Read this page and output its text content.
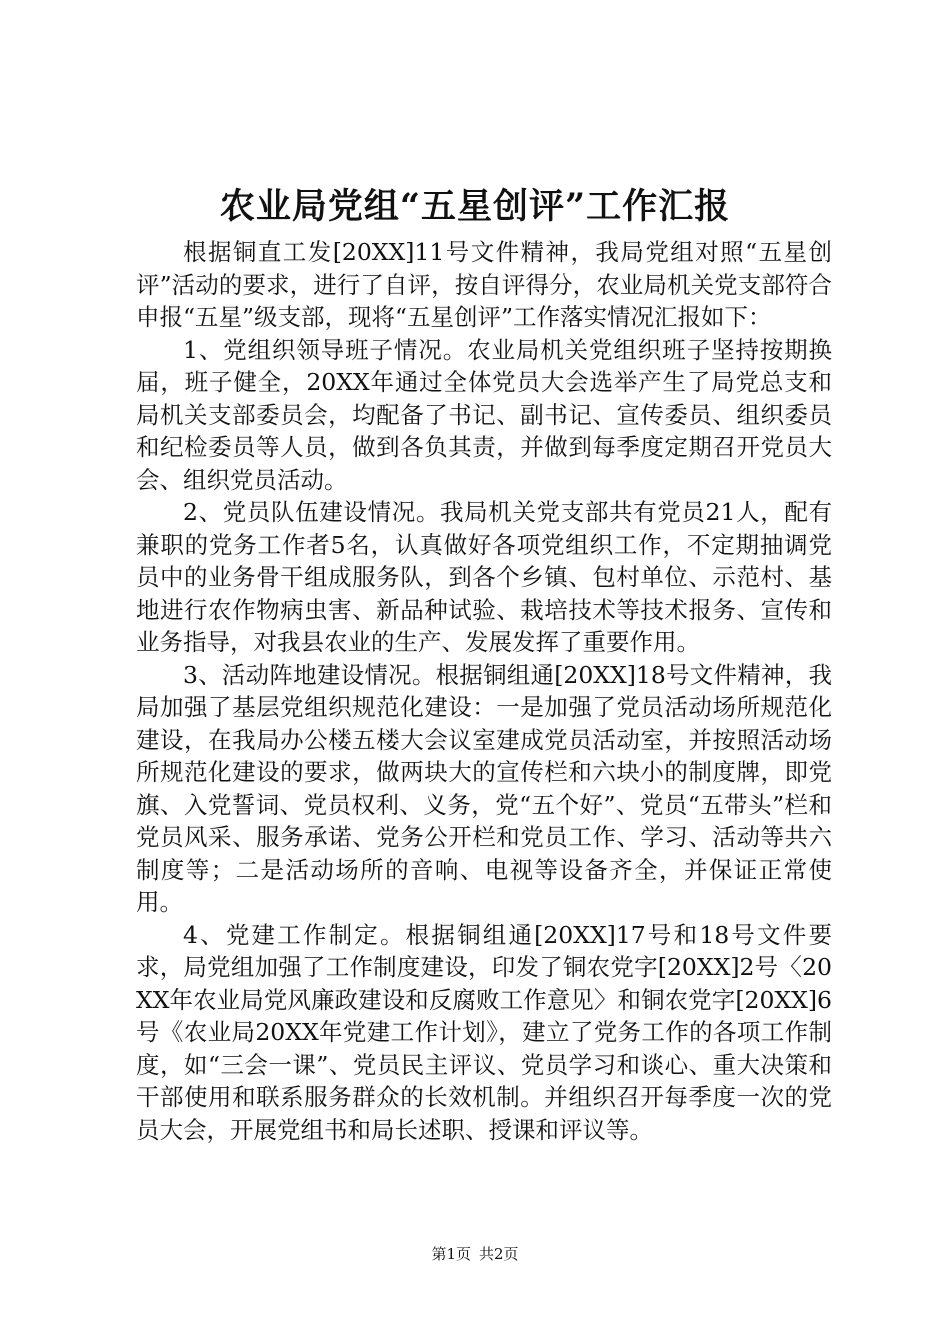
农业局党组“五星创评”工作汇报

根据铜直工发[20XX]11号文件精神，我局党组对照“五星创评”活动的要求，进行了自评，按自评得分，农业局机关党支部符合申报“五星”级支部，现将“五星创评”工作落实情况汇报如下：

1、党组织领导班子情况。农业局机关党组织班子坚持按期换届，班子健全，20XX年通过全体党员大会选举产生了局党总支和局机关支部委员会，均配备了书记、副书记、宣传委员、组织委员和纪检委员等人员，做到各负其责，并做到每季度定期召开党员大会、组织党员活动。

2、党员队伍建设情况。我局机关党支部共有党员21人，配有兼职的党务工作者5名，认真做好各项党组织工作，不定期抽调党员中的业务骨干组成服务队，到各个乡镇、包村单位、示范村、基地进行农作物病虫害、新品种试验、栽培技术等技术报务、宣传和业务指导，对我县农业的生产、发展发挥了重要作用。

3、活动阵地建设情况。根据铜组通[20XX]18号文件精神，我局加强了基层党组织规范化建设：一是加强了党员活动场所规范化建设，在我局办公楼五楼大会议室建成党员活动室，并按照活动场所规范化建设的要求，做两块大的宣传栏和六块小的制度牌，即党旗、入党誓词、党员权利、义务，党“五个好”、党员“五带头”栏和党员风采、服务承诺、党务公开栏和党员工作、学习、活动等共六制度等；二是活动场所的音响、电视等设备齐全，并保证正常使用。

4、党建工作制定。根据铜组通[20XX]17号和18号文件要求，局党组加强了工作制度建设，印发了铜农党字[20XX]2号〈20XX年农业局党风廉政建设和反腐败工作意见〉和铜农党字[20XX]6号《农业局20XX年党建工作计划》，建立了党务工作的各项工作制度，如“三会一课”、党员民主评议、党员学习和谈心、重大决策和干部使用和联系服务群众的长效机制。并组织召开每季度一次的党员大会，开展党组书和局长述职、授课和评议等。

第1页 共2页
